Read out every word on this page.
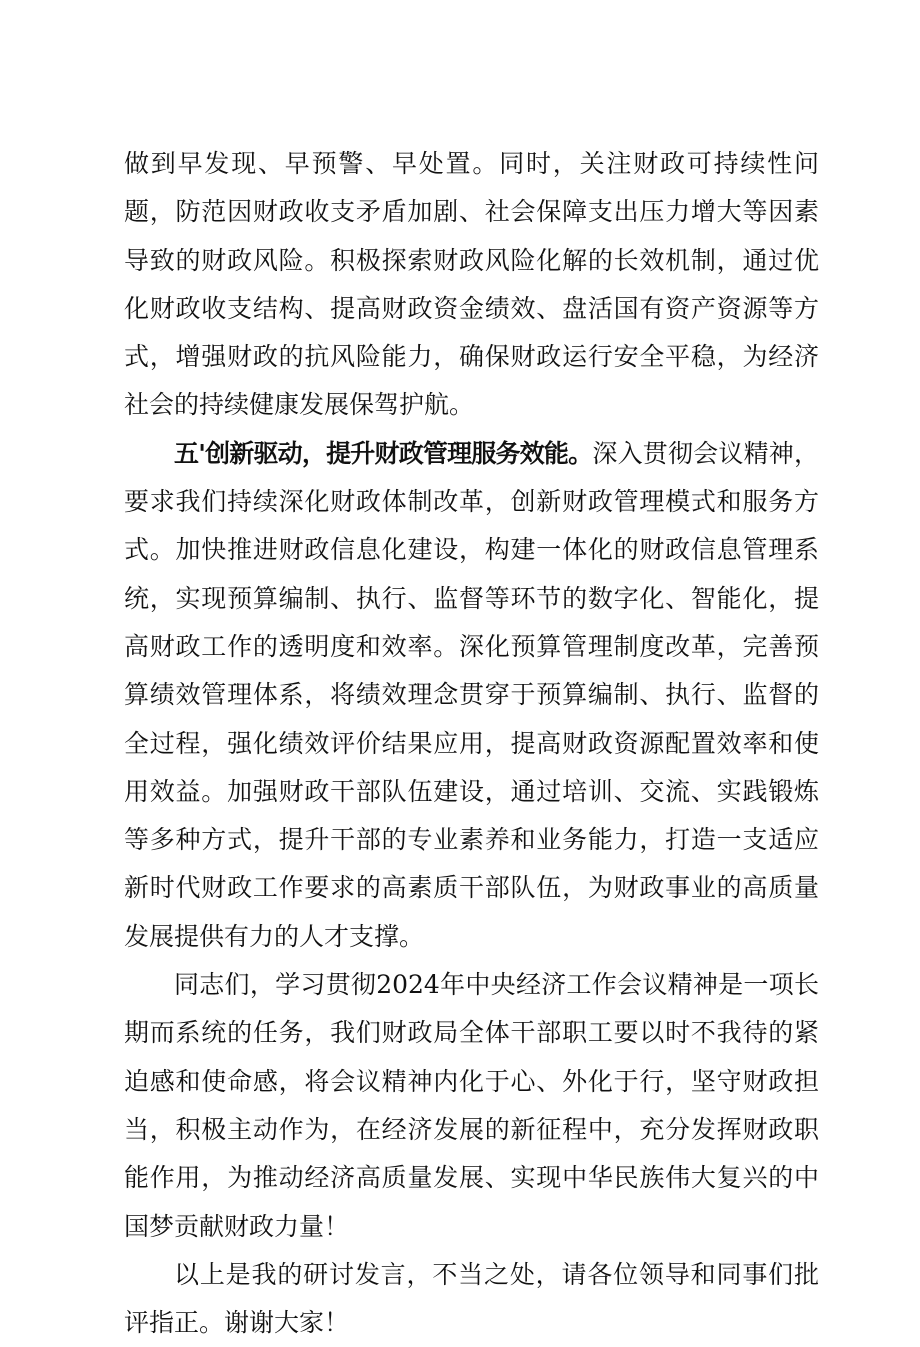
做到早发现、早预警、早处置。同时，关注财政可持续性问题，防范因财政收支矛盾加剧、社会保障支出压力增大等因素导致的财政风险。积极探索财政风险化解的长效机制，通过优化财政收支结构、提高财政资金绩效、盘活国有资产资源等方式，增强财政的抗风险能力，确保财政运行安全平稳，为经济社会的持续健康发展保驾护航。

五'创新驱动，提升财政管理服务效能。深入贯彻会议精神，要求我们持续深化财政体制改革，创新财政管理模式和服务方式。加快推进财政信息化建设，构建一体化的财政信息管理系统，实现预算编制、执行、监督等环节的数字化、智能化，提高财政工作的透明度和效率。深化预算管理制度改革，完善预算绩效管理体系，将绩效理念贯穿于预算编制、执行、监督的全过程，强化绩效评价结果应用，提高财政资源配置效率和使用效益。加强财政干部队伍建设，通过培训、交流、实践锻炼等多种方式，提升干部的专业素养和业务能力，打造一支适应新时代财政工作要求的高素质干部队伍，为财政事业的高质量发展提供有力的人才支撑。

同志们，学习贯彻2024年中央经济工作会议精神是一项长期而系统的任务，我们财政局全体干部职工要以时不我待的紧迫感和使命感，将会议精神内化于心、外化于行，坚守财政担当，积极主动作为，在经济发展的新征程中，充分发挥财政职能作用，为推动经济高质量发展、实现中华民族伟大复兴的中国梦贡献财政力量！

以上是我的研讨发言，不当之处，请各位领导和同事们批评指正。谢谢大家！
